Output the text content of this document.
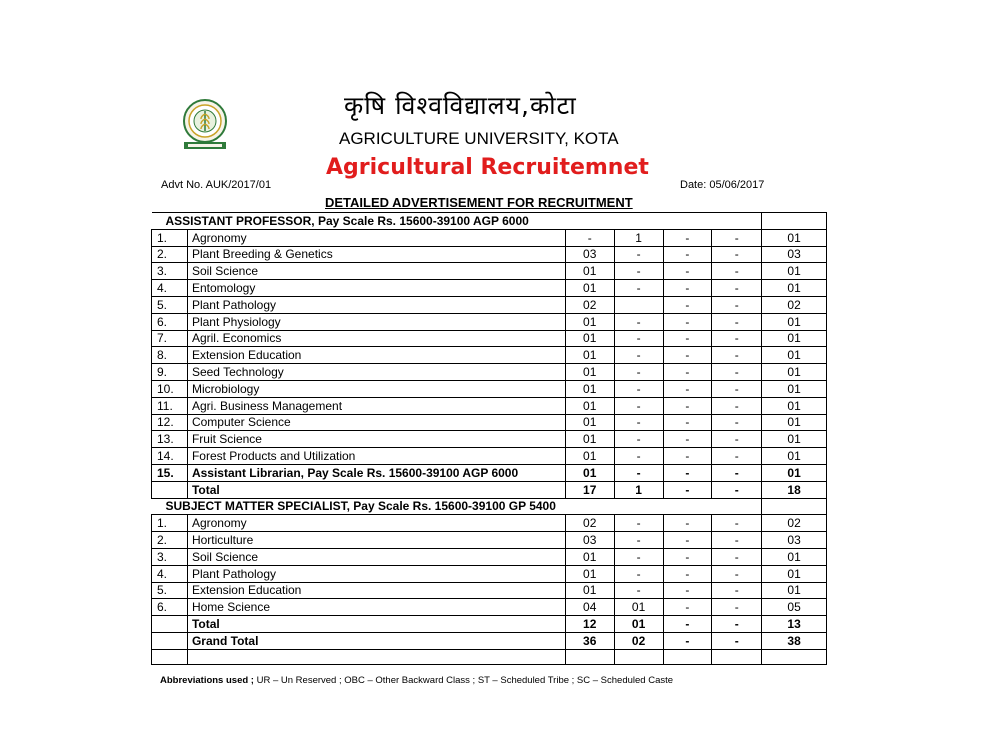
कृषि विश्वविद्यालय,कोटा
AGRICULTURE UNIVERSITY, KOTA
Agricultural Recruitemnet
Advt No. AUK/2017/01	Date: 05/06/2017
DETAILED ADVERTISEMENT FOR RECRUITMENT
ASSISTANT PROFESSOR, Pay Scale Rs. 15600-39100 AGP 6000						
1.	Agronomy	-	1	-	-	01
2.	Plant Breeding & Genetics	03	-	-	-	03
3.	Soil Science	01	-	-	-	01
4.	Entomology	01	-	-	-	01
5.	Plant Pathology	02		-	-	02
6.	Plant Physiology	01	-	-	-	01
7.	Agril. Economics	01	-	-	-	01
8.	Extension Education	01	-	-	-	01
9.	Seed Technology	01	-	-	-	01
10.	Microbiology	01	-	-	-	01
11.	Agri. Business Management	01	-	-	-	01
12.	Computer Science	01	-	-	-	01
13.	Fruit Science	01	-	-	-	01
14.	Forest Products and Utilization	01	-	-	-	01
15.	Assistant Librarian, Pay Scale Rs. 15600-39100 AGP 6000	01	-	-	-	01
	Total	17	1	-	-	18
SUBJECT MATTER SPECIALIST, Pay Scale Rs. 15600-39100 GP 5400						
1.	Agronomy	02	-	-	-	02
2.	Horticulture	03	-	-	-	03
3.	Soil Science	01	-	-	-	01
4.	Plant Pathology	01	-	-	-	01
5.	Extension Education	01	-	-	-	01
6.	Home Science	04	01	-	-	05
	Total	12	01	-	-	13
	Grand Total	36	02	-	-	38

Abbreviations used ; UR – Un Reserved ; OBC – Other Backward Class ; ST – Scheduled Tribe ; SC – Scheduled Caste
